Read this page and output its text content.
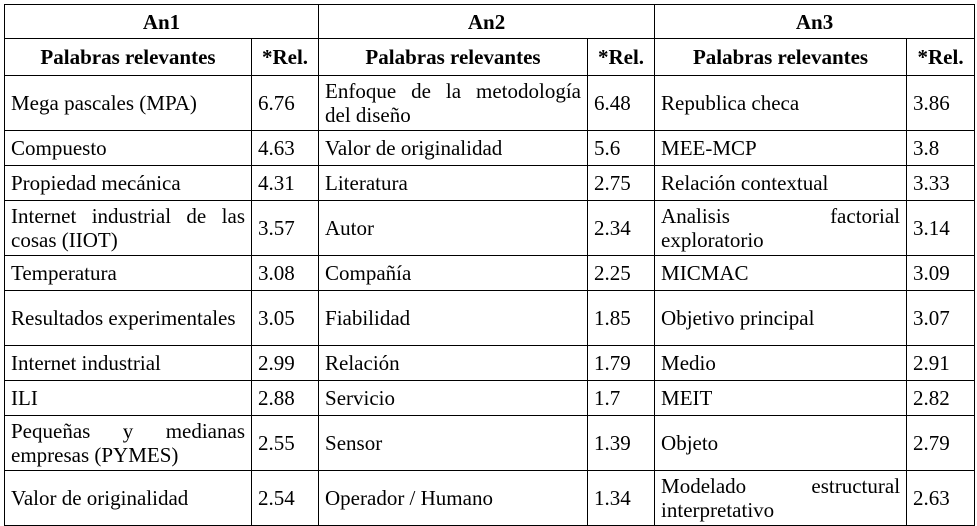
An1		An2		An3	
Palabras relevantes	*Rel.	Palabras relevantes	*Rel.	Palabras relevantes	*Rel.
Mega pascales (MPA)	6.76	Enfoque de la metodología del diseño	6.48	Republica checa	3.86
Compuesto	4.63	Valor de originalidad	5.6	MEE-MCP	3.8
Propiedad mecánica	4.31	Literatura	2.75	Relación contextual	3.33
Internet industrial de las cosas (IIOT)	3.57	Autor	2.34	Analisis factorial exploratorio	3.14
Temperatura	3.08	Compañía	2.25	MICMAC	3.09
Resultados experimentales	3.05	Fiabilidad	1.85	Objetivo principal	3.07
Internet industrial	2.99	Relación	1.79	Medio	2.91
ILI	2.88	Servicio	1.7	MEIT	2.82
Pequeñas y medianas empresas (PYMES)	2.55	Sensor	1.39	Objeto	2.79
Valor de originalidad	2.54	Operador / Humano	1.34	Modelado estructural interpretativo	2.63
